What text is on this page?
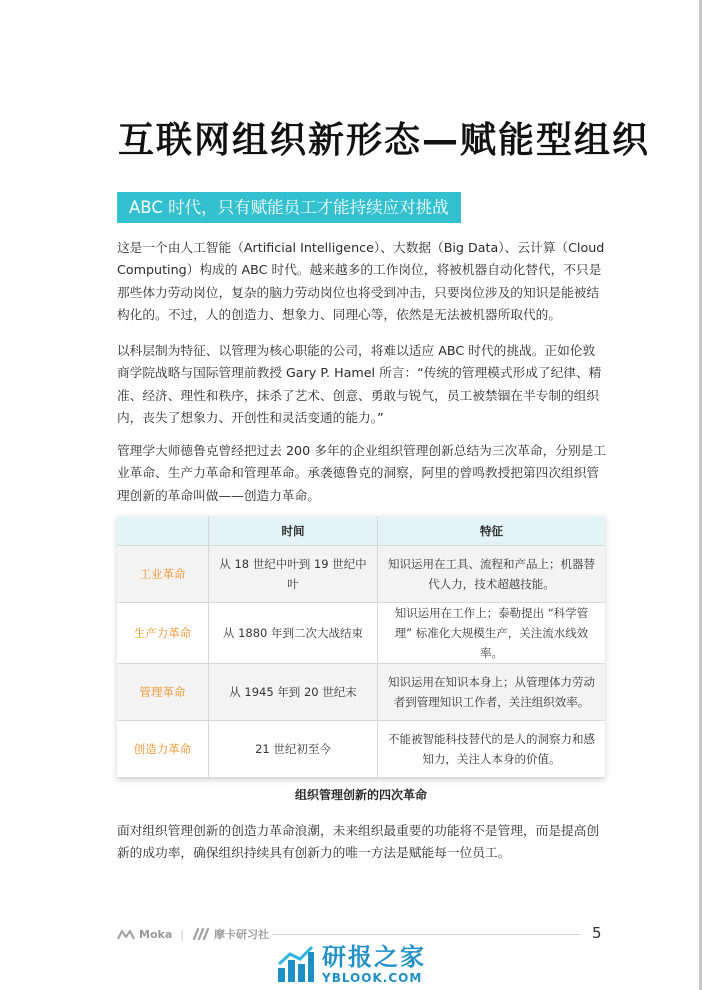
互联网组织新形态—赋能型组织
ABC 时代，只有赋能员工才能持续应对挑战
这是一个由人工智能（Artificial Intelligence）、大数据（Big Data）、云计算（Cloud Computing）构成的 ABC 时代。越来越多的工作岗位，将被机器自动化替代，不只是那些体力劳动岗位，复杂的脑力劳动岗位也将受到冲击，只要岗位涉及的知识是能被结构化的。不过，人的创造力、想象力、同理心等，依然是无法被机器所取代的。
以科层制为特征、以管理为核心职能的公司，将难以适应 ABC 时代的挑战。正如伦敦商学院战略与国际管理前教授 Gary P. Hamel 所言：“传统的管理模式形成了纪律、精准、经济、理性和秩序，抹杀了艺术、创意、勇敢与锐气，员工被禁锢在半专制的组织内，丧失了想象力、开创性和灵活变通的能力。”
管理学大师德鲁克曾经把过去 200 多年的企业组织管理创新总结为三次革命，分别是工业革命、生产力革命和管理革命。承袭德鲁克的洞察，阿里的曾鸣教授把第四次组织管理创新的革命叫做——创造力革命。
	时间	特征
工业革命	从 18 世纪中叶到 19 世纪中叶	知识运用在工具、流程和产品上；机器替代人力，技术超越技能。
生产力革命	从 1880 年到二次大战结束	知识运用在工作上；泰勒提出 “科学管理” 标准化大规模生产，关注流水线效率。
管理革命	从 1945 年到 20 世纪末	知识运用在知识本身上；从管理体力劳动者到管理知识工作者，关注组织效率。
创造力革命	21 世纪初至今	不能被智能科技替代的是人的洞察力和感知力，关注人本身的价值。
组织管理创新的四次革命
面对组织管理创新的创造力革命浪潮，未来组织最重要的功能将不是管理，而是提高创新的成功率，确保组织持续具有创新力的唯一方法是赋能每一位员工。
Moka |	摩卡研习社	5
研报之家
YBLOOK.COM
